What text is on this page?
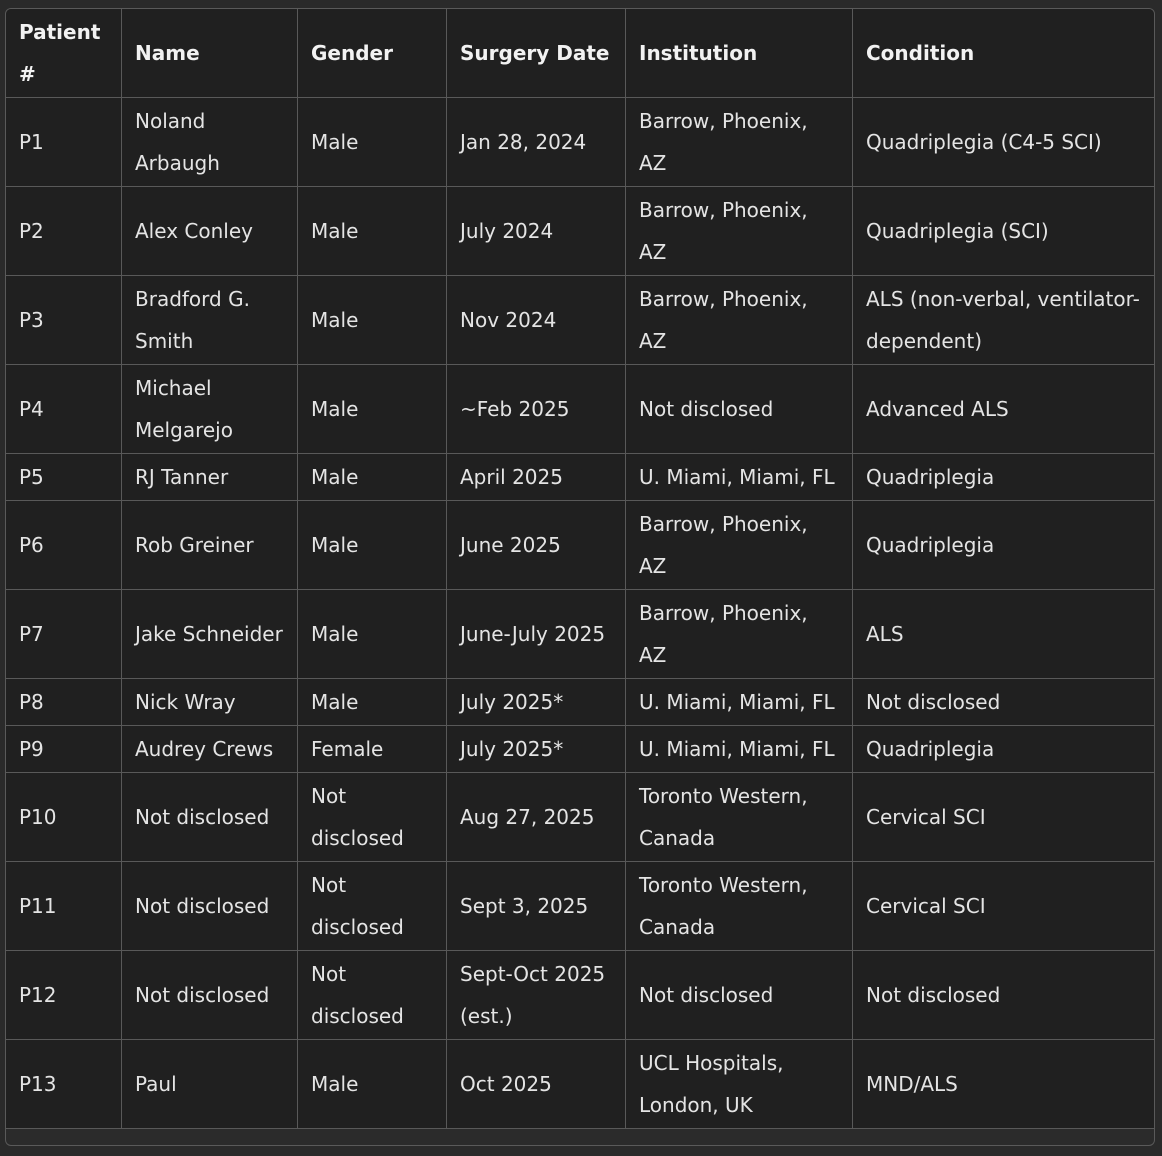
Patient #	Name	Gender	Surgery Date	Institution	Condition
P1	Noland Arbaugh	Male	Jan 28, 2024	Barrow, Phoenix, AZ	Quadriplegia (C4-5 SCI)
P2	Alex Conley	Male	July 2024	Barrow, Phoenix, AZ	Quadriplegia (SCI)
P3	Bradford G. Smith	Male	Nov 2024	Barrow, Phoenix, AZ	ALS (non-verbal, ventilator-dependent)
P4	Michael Melgarejo	Male	~Feb 2025	Not disclosed	Advanced ALS
P5	RJ Tanner	Male	April 2025	U. Miami, Miami, FL	Quadriplegia
P6	Rob Greiner	Male	June 2025	Barrow, Phoenix, AZ	Quadriplegia
P7	Jake Schneider	Male	June-July 2025	Barrow, Phoenix, AZ	ALS
P8	Nick Wray	Male	July 2025*	U. Miami, Miami, FL	Not disclosed
P9	Audrey Crews	Female	July 2025*	U. Miami, Miami, FL	Quadriplegia
P10	Not disclosed	Not disclosed	Aug 27, 2025	Toronto Western, Canada	Cervical SCI
P11	Not disclosed	Not disclosed	Sept 3, 2025	Toronto Western, Canada	Cervical SCI
P12	Not disclosed	Not disclosed	Sept-Oct 2025 (est.)	Not disclosed	Not disclosed
P13	Paul	Male	Oct 2025	UCL Hospitals, London, UK	MND/ALS
